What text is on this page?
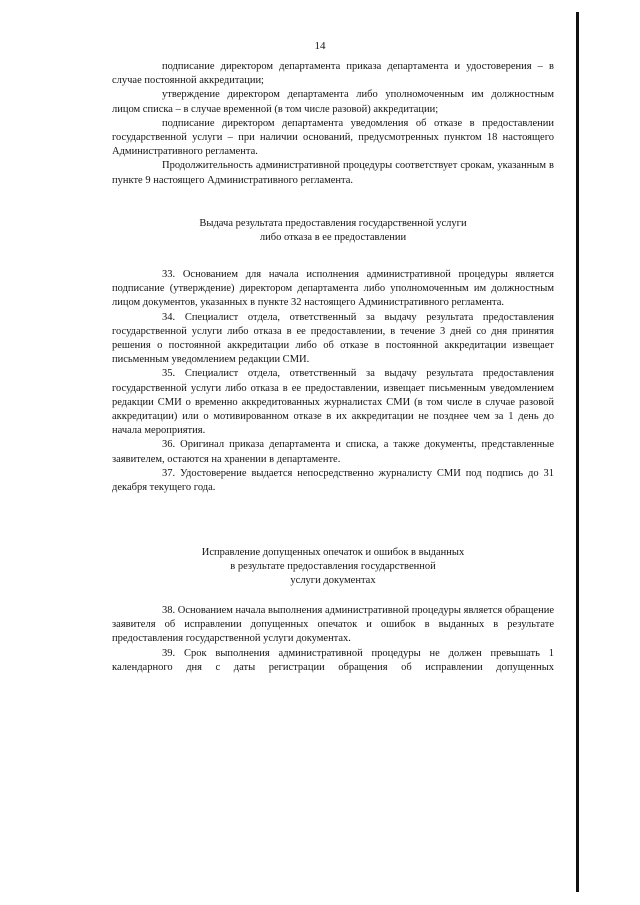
14

подписание директором департамента приказа департамента и удостоверения – в случае постоянной аккредитации;

утверждение директором департамента либо уполномоченным им должностным лицом списка – в случае временной (в том числе разовой) аккредитации;

подписание директором департамента уведомления об отказе в предоставлении государственной услуги – при наличии оснований, предусмотренных пунктом 18 настоящего Административного регламента.

Продолжительность административной процедуры соответствует срокам, указанным в пункте 9 настоящего Административного регламента.

Выдача результата предоставления государственной услуги

либо отказа в ее предоставлении

33. Основанием для начала исполнения административной процедуры является подписание (утверждение) директором департамента либо уполномоченным им должностным лицом документов, указанных в пункте 32 настоящего Административного регламента.

34. Специалист отдела, ответственный за выдачу результата предоставления государственной услуги либо отказа в ее предоставлении, в течение 3 дней со дня принятия решения о постоянной аккредитации либо об отказе в постоянной аккредитации извещает письменным уведомлением редакции СМИ.

35. Специалист отдела, ответственный за выдачу результата предоставления государственной услуги либо отказа в ее предоставлении, извещает письменным уведомлением редакции СМИ о временно аккредитованных журналистах СМИ (в том числе в случае разовой аккредитации) или о мотивированном отказе в их аккредитации не позднее чем за 1 день до начала мероприятия.

36. Оригинал приказа департамента и списка, а также документы, представленные заявителем, остаются на хранении в департаменте.

37. Удостоверение выдается непосредственно журналисту СМИ под подпись до 31 декабря текущего года.

Исправление допущенных опечаток и ошибок в выданных

в результате предоставления государственной

услуги документах

38. Основанием начала выполнения административной процедуры является обращение заявителя об исправлении допущенных опечаток и ошибок в выданных в результате предоставления государственной услуги документах.

39. Срок выполнения административной процедуры не должен превышать 1 календарного дня с даты регистрации обращения об исправлении допущенных
